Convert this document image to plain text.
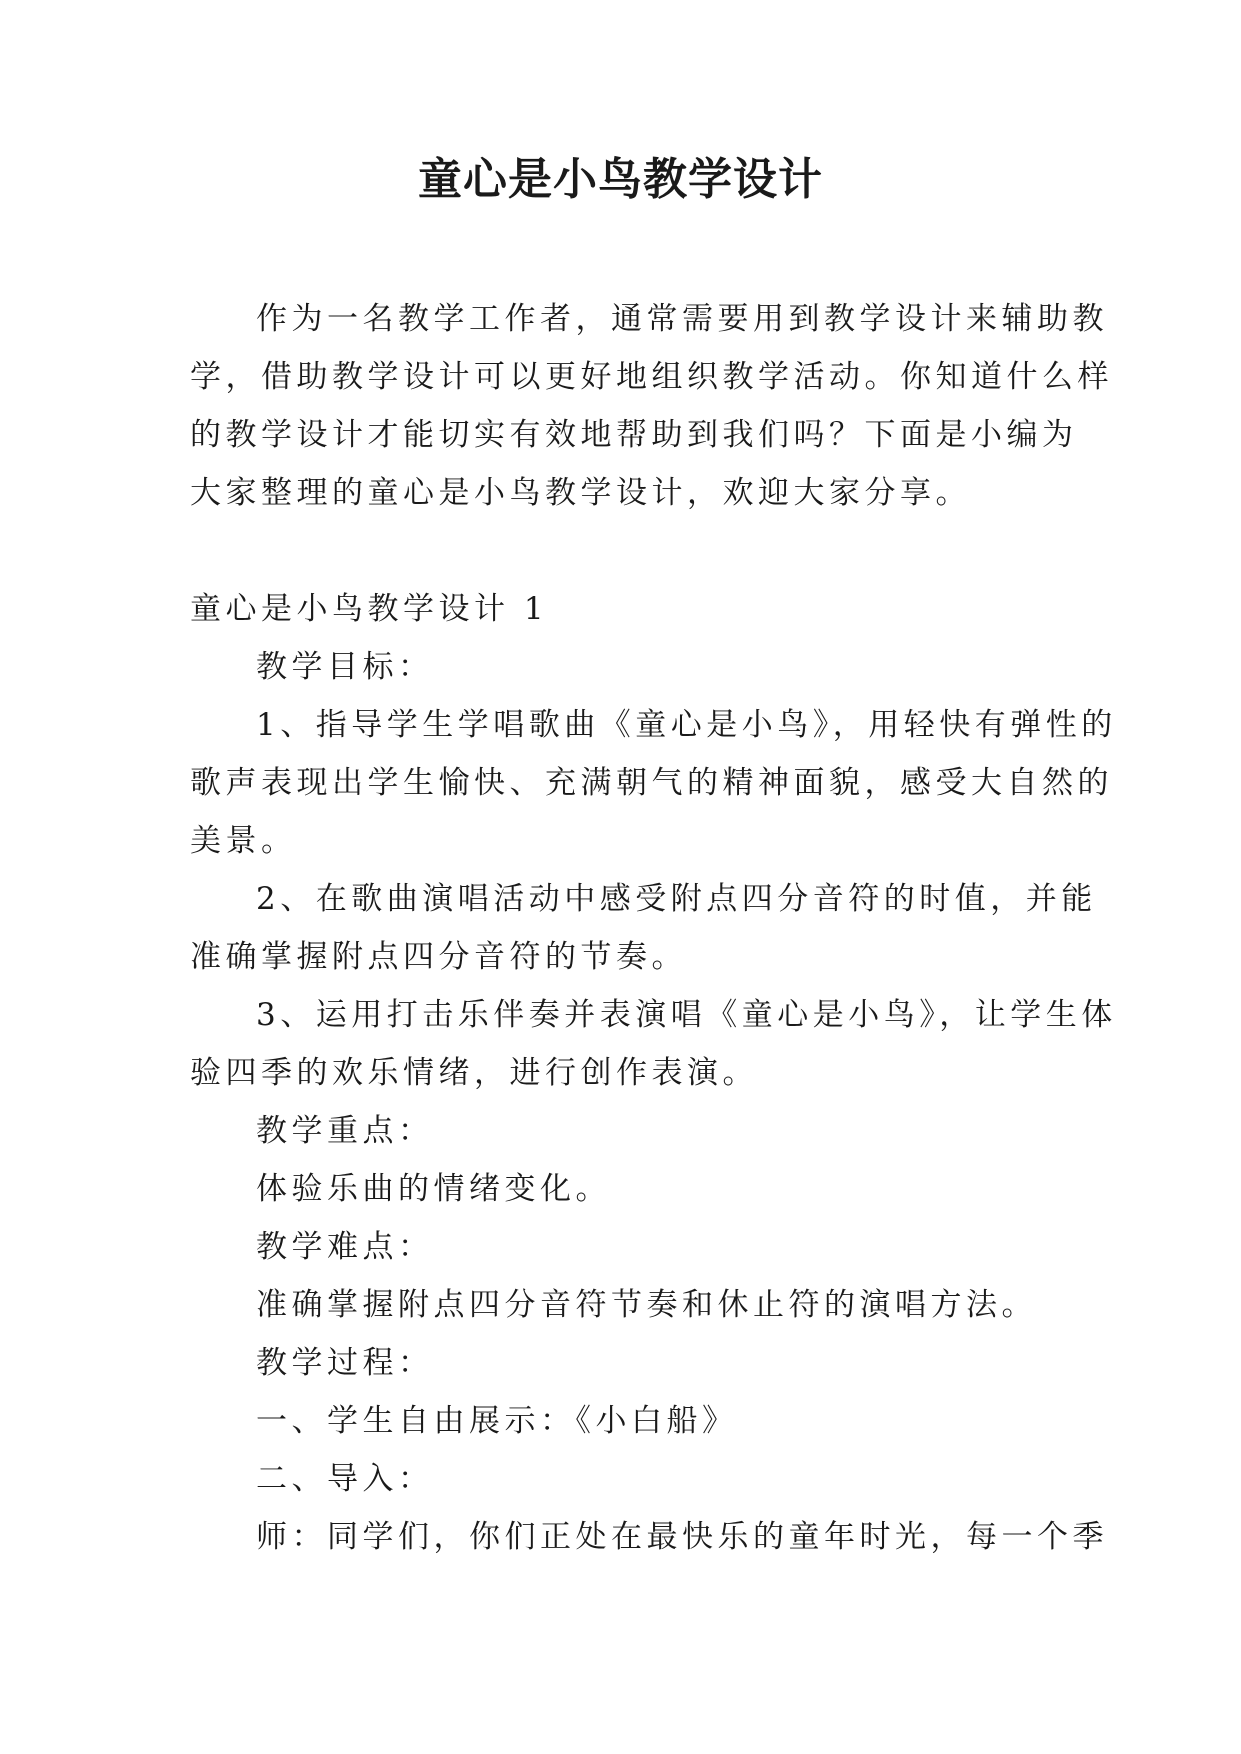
童心是小鸟教学设计

作为一名教学工作者，通常需要用到教学设计来辅助教
学，借助教学设计可以更好地组织教学活动。你知道什么样
的教学设计才能切实有效地帮助到我们吗？下面是小编为
大家整理的童心是小鸟教学设计，欢迎大家分享。

童心是小鸟教学设计 1
教学目标：
1、指导学生学唱歌曲《童心是小鸟》，用轻快有弹性的
歌声表现出学生愉快、充满朝气的精神面貌，感受大自然的
美景。
2、在歌曲演唱活动中感受附点四分音符的时值，并能
准确掌握附点四分音符的节奏。
3、运用打击乐伴奏并表演唱《童心是小鸟》，让学生体
验四季的欢乐情绪，进行创作表演。
教学重点：
体验乐曲的情绪变化。
教学难点：
准确掌握附点四分音符节奏和休止符的演唱方法。
教学过程：
一、学生自由展示：《小白船》
二、导入：
师：同学们，你们正处在最快乐的童年时光，每一个季
